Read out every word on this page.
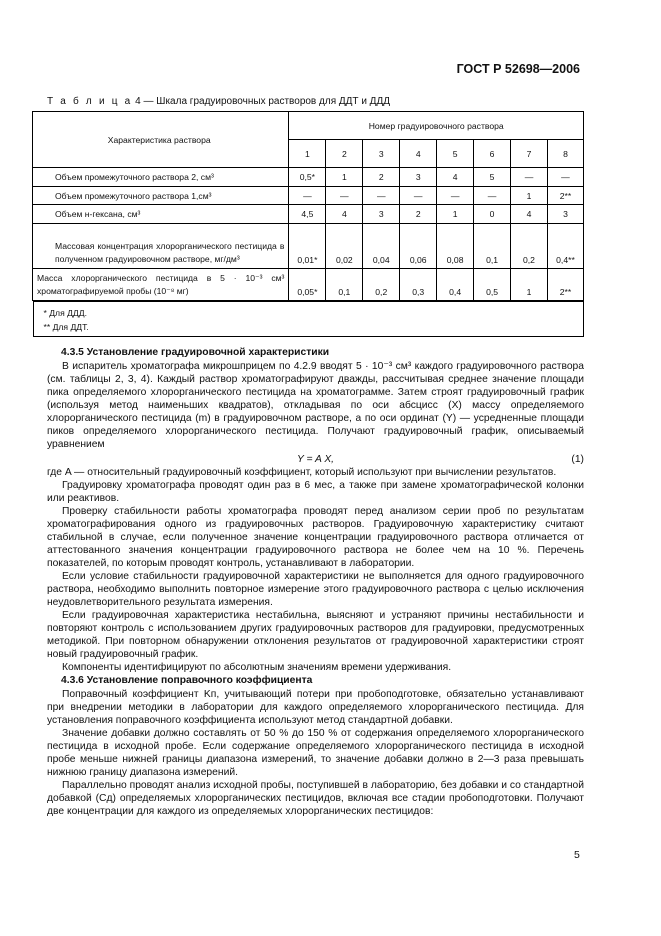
ГОСТ Р 52698—2006
Т а б л и ц а 4 — Шкала градуировочных растворов для ДДТ и ДДД
Характеристика раствора	Номер градуировочного раствора							
	1	2	3	4	5	6	7	8
Объем промежуточного раствора 2, см³	0,5*	1	2	3	4	5	—	—
Объем промежуточного раствора 1,см³	—	—	—	—	—	—	1	2**
Объем н-гексана, см³	4,5	4	3	2	1	0	4	3
Массовая концентрация хлорорганического пестицида в полученном градуировочном растворе, мг/дм³	0,01*	0,02	0,04	0,06	0,08	0,1	0,2	0,4**
Масса хлорорганического пестицида в 5 · 10⁻³ см³ хроматографируемой пробы (10⁻⁸ мг)	0,05*	0,1	0,2	0,3	0,4	0,5	1	2**

* Для ДДД.
** Для ДДТ.								

4.3.5 Установление градуировочной характеристики

В испаритель хроматографа микрошприцем по 4.2.9 вводят 5 · 10⁻³ см³ каждого градуировочного раствора (см. таблицы 2, 3, 4). Каждый раствор хроматографируют дважды, рассчитывая среднее значение площади пика определяемого хлорорганического пестицида на хроматограмме. Затем строят градуировочный график (используя метод наименьших квадратов), откладывая по оси абсцисс (X) массу определяемого хлорорганического пестицида (m) в градуировочном растворе, а по оси ординат (Y) — усредненные площади пиков определяемого хлорорганического пестицида. Получают градуировочный график, описываемый уравнением

Y = A X,	(1)

где A — относительный градуировочный коэффициент, который используют при вычислении результатов.

Градуировку хроматографа проводят один раз в 6 мес, а также при замене хроматографической колонки или реактивов.

Проверку стабильности работы хроматографа проводят перед анализом серии проб по результатам хроматографирования одного из градуировочных растворов. Градуировочную характеристику считают стабильной в случае, если полученное значение концентрации градуировочного раствора отличается от аттестованного значения концентрации градуировочного раствора не более чем на 10 %. Перечень показателей, по которым проводят контроль, устанавливают в лаборатории.

Если условие стабильности градуировочной характеристики не выполняется для одного градуировочного раствора, необходимо выполнить повторное измерение этого градуировочного раствора с целью исключения неудовлетворительного результата измерения.

Если градуировочная характеристика нестабильна, выясняют и устраняют причины нестабильности и повторяют контроль с использованием других градуировочных растворов для градуировки, предусмотренных методикой. При повторном обнаружении отклонения результатов от градуировочной характеристики строят новый градуировочный график.

Компоненты идентифицируют по абсолютным значениям времени удерживания.

4.3.6 Установление поправочного коэффициента

Поправочный коэффициент Kп, учитывающий потери при пробоподготовке, обязательно устанавливают при внедрении методики в лаборатории для каждого определяемого хлорорганического пестицида. Для установления поправочного коэффициента используют метод стандартной добавки.

Значение добавки должно составлять от 50 % до 150 % от содержания определяемого хлорорганического пестицида в исходной пробе. Если содержание определяемого хлорорганического пестицида в исходной пробе меньше нижней границы диапазона измерений, то значение добавки должно в 2—3 раза превышать нижнюю границу диапазона измерений.

Параллельно проводят анализ исходной пробы, поступившей в лабораторию, без добавки и со стандартной добавкой (Cд) определяемых хлорорганических пестицидов, включая все стадии пробоподготовки. Получают две концентрации для каждого из определяемых хлорорганических пестицидов:

5
